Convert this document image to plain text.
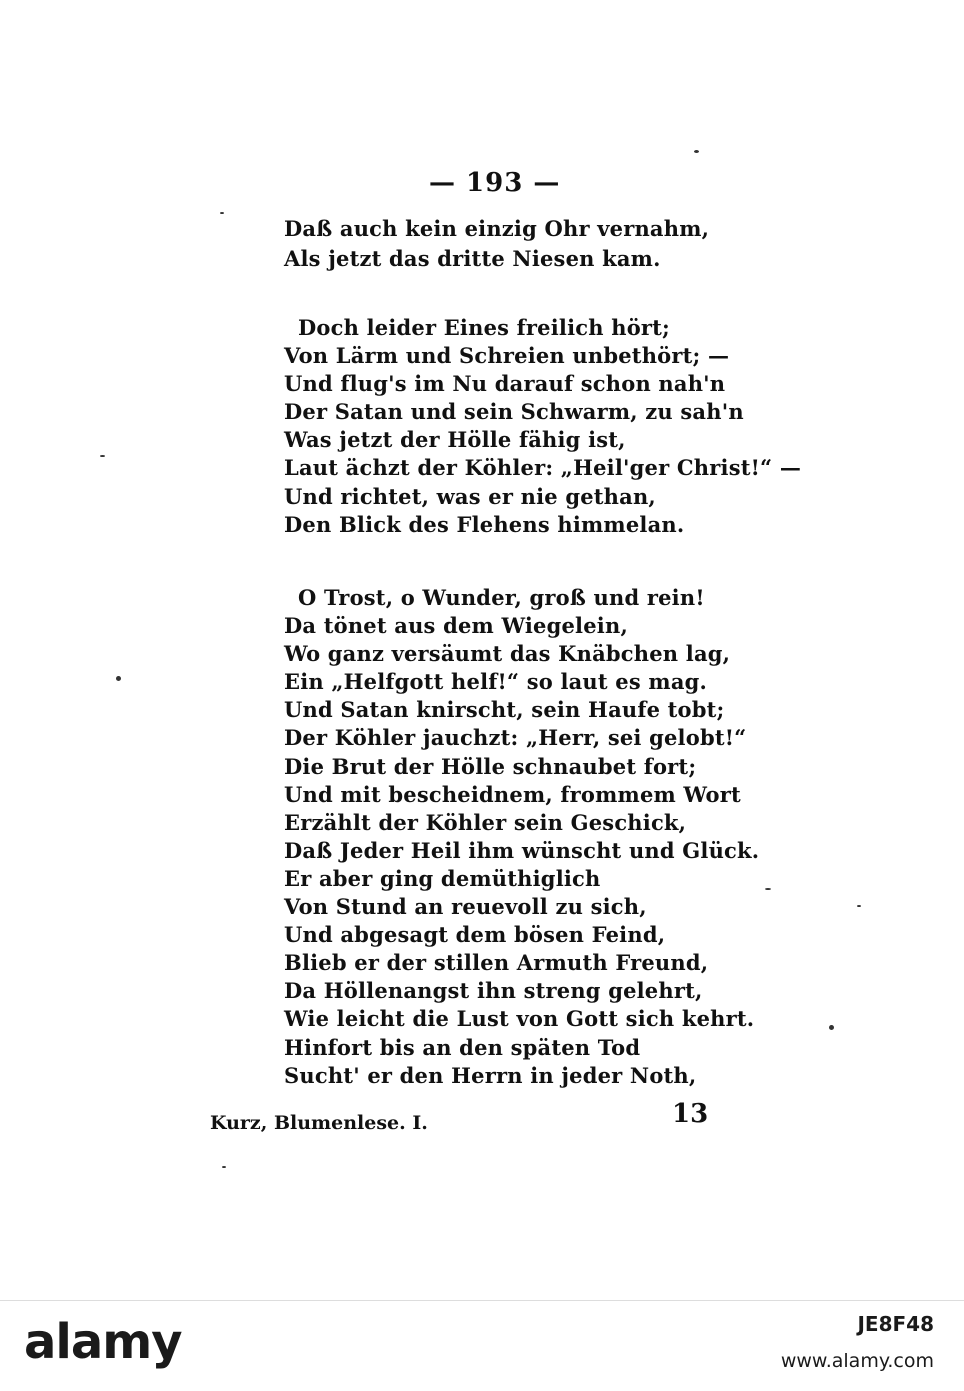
— 193 —
Daß auch kein einzig Ohr vernahm,
Als jetzt das dritte Niesen kam.
Doch leider Eines freilich hört;
Von Lärm und Schreien unbethört; —
Und flug's im Nu darauf schon nah'n
Der Satan und sein Schwarm, zu sah'n
Was jetzt der Hölle fähig ist,
Laut ächzt der Köhler: „Heil'ger Christ!“ —
Und richtet, was er nie gethan,
Den Blick des Flehens himmelan.
O Trost, o Wunder, groß und rein!
Da tönet aus dem Wiegelein,
Wo ganz versäumt das Knäbchen lag,
Ein „Helfgott helf!“ so laut es mag.
Und Satan knirscht, sein Haufe tobt;
Der Köhler jauchzt: „Herr, sei gelobt!“
Die Brut der Hölle schnaubet fort;
Und mit bescheidnem, frommem Wort
Erzählt der Köhler sein Geschick,
Daß Jeder Heil ihm wünscht und Glück.
Er aber ging demüthiglich
Von Stund an reuevoll zu sich,
Und abgesagt dem bösen Feind,
Blieb er der stillen Armuth Freund,
Da Höllenangst ihn streng gelehrt,
Wie leicht die Lust von Gott sich kehrt.
Hinfort bis an den späten Tod
Sucht' er den Herrn in jeder Noth,
Kurz, Blumenlese. I.	13
alamy	JE8F48
www.alamy.com
